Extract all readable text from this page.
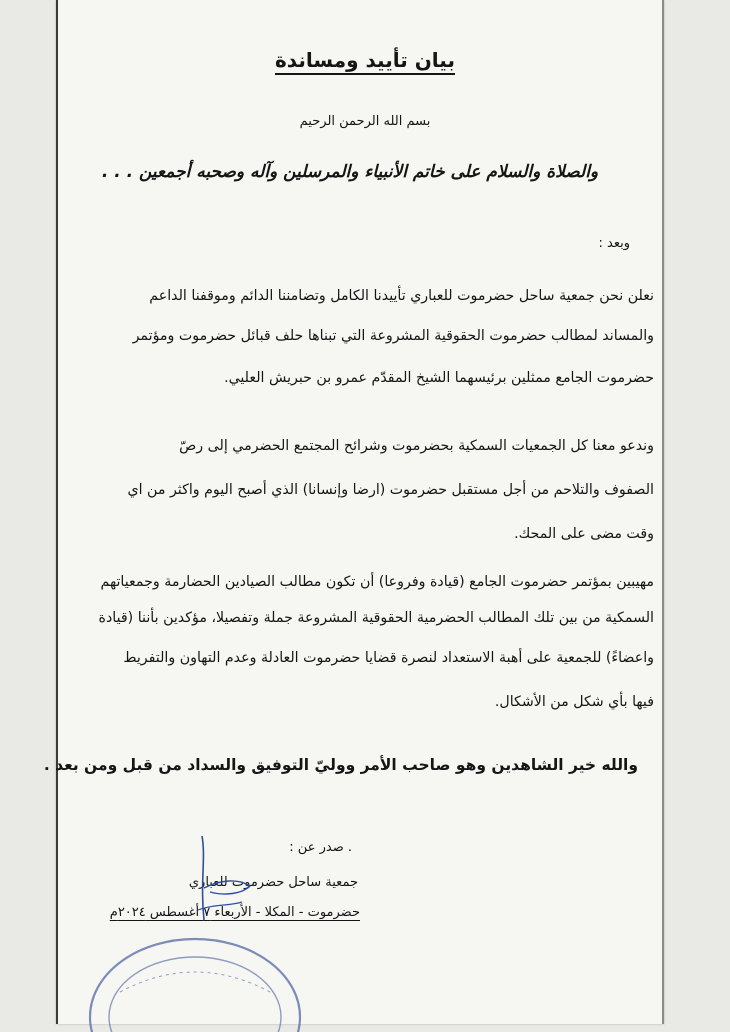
بيان تأييد ومساندة
بسم الله الرحمن الرحيم
والصلاة والسلام على خاتم الأنبياء والمرسلين وآله وصحبه أجمعين . . .
وبعد :
نعلن نحن جمعية ساحل حضرموت للعباري تأييدنا الكامل وتضامننا الدائم وموقفنا الداعم
والمساند لمطالب حضرموت الحقوقية المشروعة التي تبناها حلف قبائل حضرموت ومؤتمر
حضرموت الجامع ممثلين برئيسهما الشيخ المقدّم عمرو بن حبريش العليي.
وندعو معنا كل الجمعيات السمكية بحضرموت وشرائح المجتمع الحضرمي إلى رصّ
الصفوف والتلاحم من أجل مستقبل حضرموت (ارضا وإنسانا) الذي أصبح اليوم واكثر من اي
وقت مضى على المحك.
مهيبين بمؤتمر حضرموت الجامع (قيادة وفروعا) أن تكون مطالب الصيادين الحضارمة وجمعياتهم
السمكية من بين تلك المطالب الحضرمية الحقوقية المشروعة جملة وتفصيلا، مؤكدين بأننا (قيادة
واعضاءً) للجمعية على أهبة الاستعداد لنصرة قضايا حضرموت العادلة وعدم التهاون والتفريط
فيها بأي شكل من الأشكال.
والله خير الشاهدين وهو صاحب الأمر ووليّ التوفيق والسداد من قبل ومن بعد .
. صدر عن :
جمعية ساحل حضرموت للعباري
حضرموت - المكلا - الأربعاء ٧ أغسطس ٢٠٢٤م
